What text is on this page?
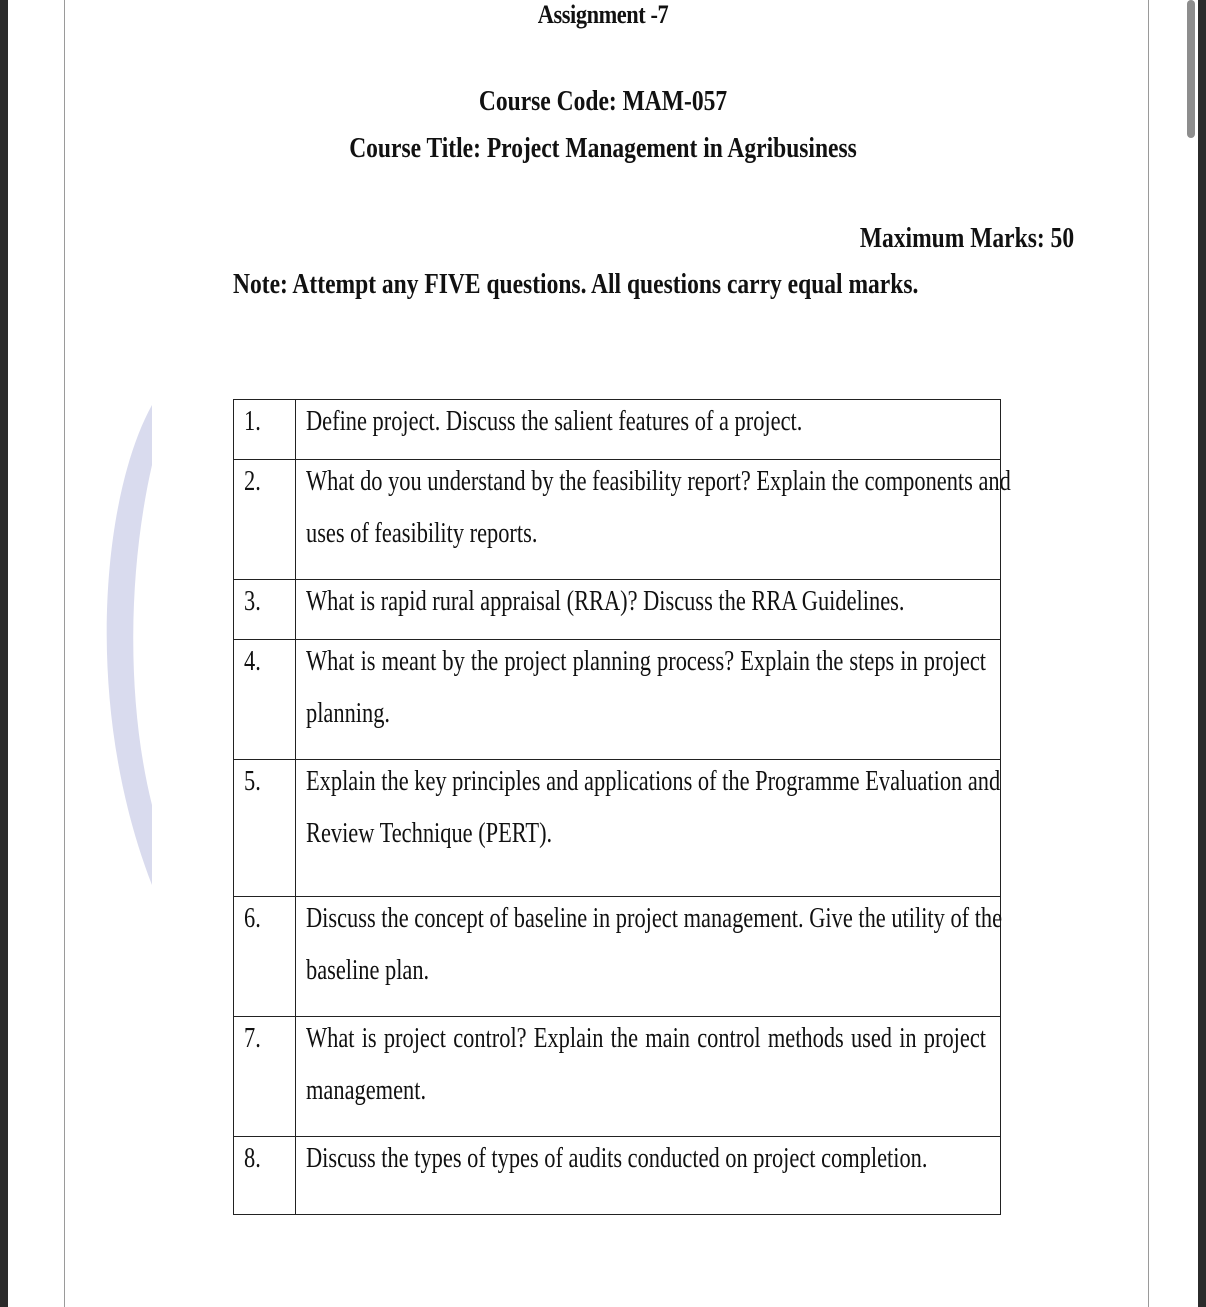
Assignment -7
Course Code: MAM-057
Course Title: Project Management in Agribusiness
Maximum Marks: 50
Note: Attempt any FIVE questions. All questions carry equal marks.
1.	Define project. Discuss the salient features of a project.

2.	What do you understand by the feasibility report? Explain the components and
uses of feasibility reports.

3.	What is rapid rural appraisal (RRA)? Discuss the RRA Guidelines.

4.	What is meant by the project planning process? Explain the steps in project
planning.

5.	Explain the key principles and applications of the Programme Evaluation and
Review Technique (PERT).

6.	Discuss the concept of baseline in project management. Give the utility of the
baseline plan.

7.	What is project control? Explain the main control methods used in project
management.

8.	Discuss the types of types of audits conducted on project completion.
